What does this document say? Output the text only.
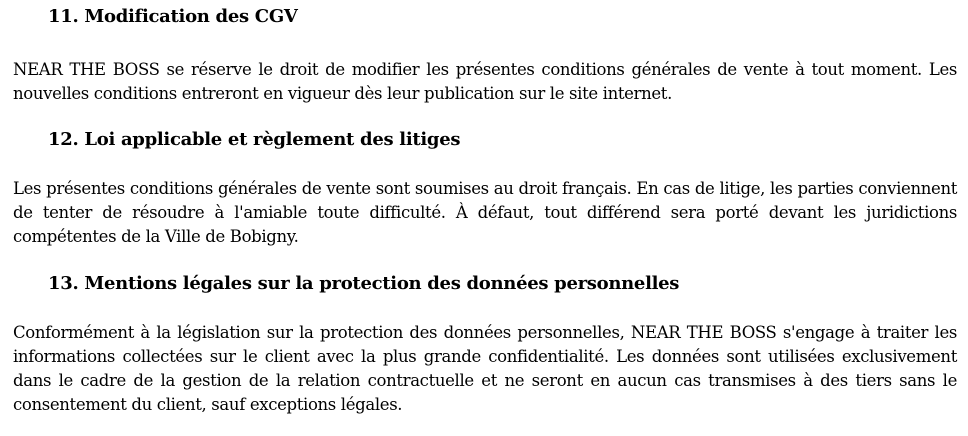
11. Modification des CGV

NEAR THE BOSS se réserve le droit de modifier les présentes conditions générales de vente à tout moment. Les nouvelles conditions entreront en vigueur dès leur publication sur le site internet.

12. Loi applicable et règlement des litiges

Les présentes conditions générales de vente sont soumises au droit français. En cas de litige, les parties conviennent de tenter de résoudre à l'amiable toute difficulté. À défaut, tout différend sera porté devant les juridictions compétentes de la Ville de Bobigny.

13. Mentions légales sur la protection des données personnelles

Conformément à la législation sur la protection des données personnelles, NEAR THE BOSS s'engage à traiter les informations collectées sur le client avec la plus grande confidentialité. Les données sont utilisées exclusivement dans le cadre de la gestion de la relation contractuelle et ne seront en aucun cas transmises à des tiers sans le consentement du client, sauf exceptions légales.
